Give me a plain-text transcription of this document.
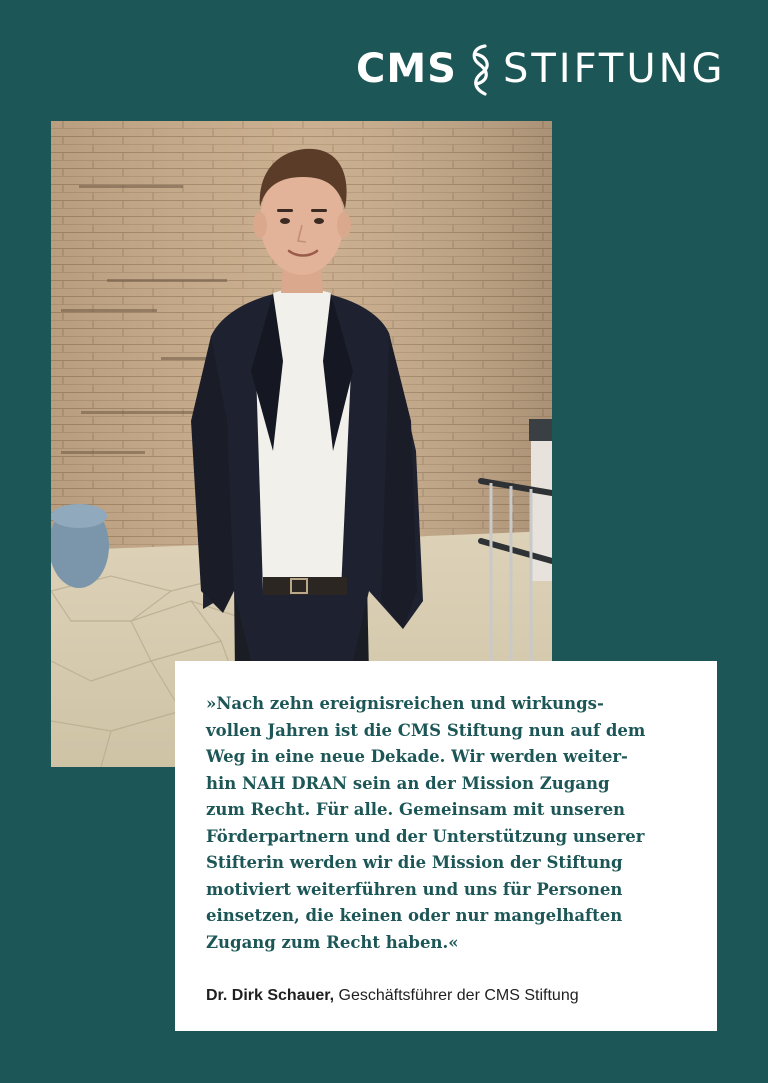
CMS STIFTUNG

»Nach zehn ereignisreichen und wirkungs-
vollen Jahren ist die CMS Stiftung nun auf dem
Weg in eine neue Dekade. Wir werden weiter-
hin NAH DRAN sein an der Mission Zugang
zum Recht. Für alle. Gemeinsam mit unseren
Förderpartnern und der Unterstützung unserer
Stifterin werden wir die Mission der Stiftung
motiviert weiterführen und uns für Personen
einsetzen, die keinen oder nur mangelhaften
Zugang zum Recht haben.«

Dr. Dirk Schauer, Geschäftsführer der CMS Stiftung
